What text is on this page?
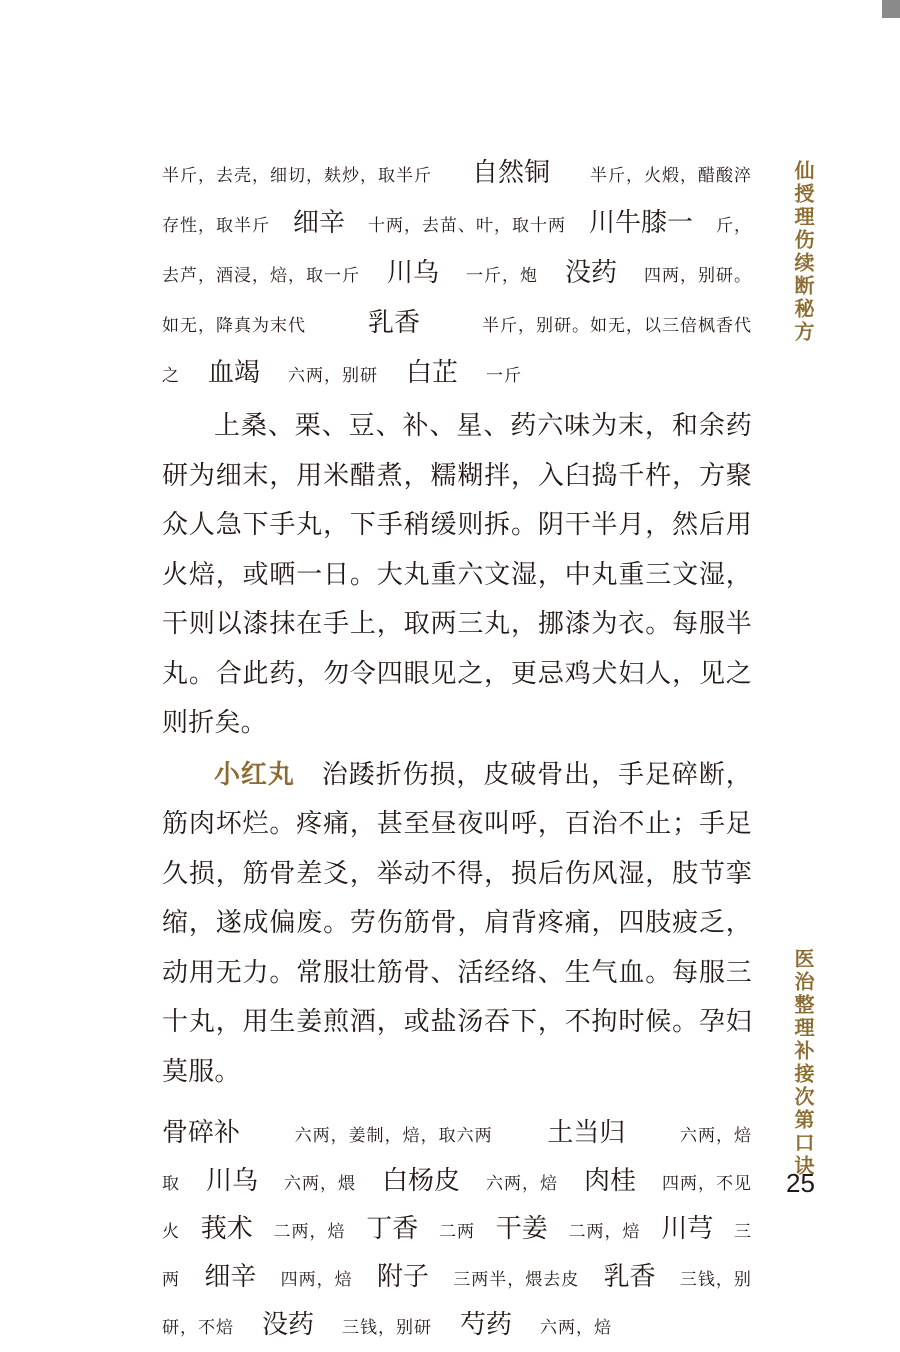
半斤，去壳，细切，麸炒，取半斤 自然铜 半斤，火煅，醋酸淬
存性，取半斤 细辛 十两，去苗、叶，取十两 川牛膝一 斤，
去芦，酒浸，焙，取一斤 川乌 一斤，炮 没药 四两，别研。
如无，降真为末代 乳香	半斤，别研。如无，以三倍枫香代
之 血竭 六两，别研 白芷 一斤

上桑、栗、豆、补、星、药六味为末，和余药研为细末，用米醋煮，糯糊拌，入臼捣千杵，方聚众人急下手丸，下手稍缓则拆。阴干半月，然后用火焙，或晒一日。大丸重六文湿，中丸重三文湿，干则以漆抹在手上，取两三丸，挪漆为衣。每服半丸。合此药，勿令四眼见之，更忌鸡犬妇人，见之则折矣。

小红丸　 治踒折伤损，皮破骨出，手足碎断，筋肉坏烂。疼痛，甚至昼夜叫呼，百治不止；手足久损，筋骨差爻，举动不得，损后伤风湿，肢节挛缩，遂成偏废。劳伤筋骨，肩背疼痛，四肢疲乏，动用无力。常服壮筋骨、活经络、生气血。每服三十丸，用生姜煎酒，或盐汤吞下，不拘时候。孕妇莫服。

骨碎补	六两，姜制，焙，取六两 土当归	六两，焙
取 川乌 六两，煨 白杨皮 六两，焙 肉桂 四两，不见
火 莪术 二两，焙 丁香 二两 干姜 二两，焙 川芎 三
两 细辛 四两，焙 附子 三两半，煨去皮 乳香 三钱，别
研，不焙 没药 三钱，别研 芍药 六两，焙
仙授理伤续断秘方
医治整理补接次第口诀
25
